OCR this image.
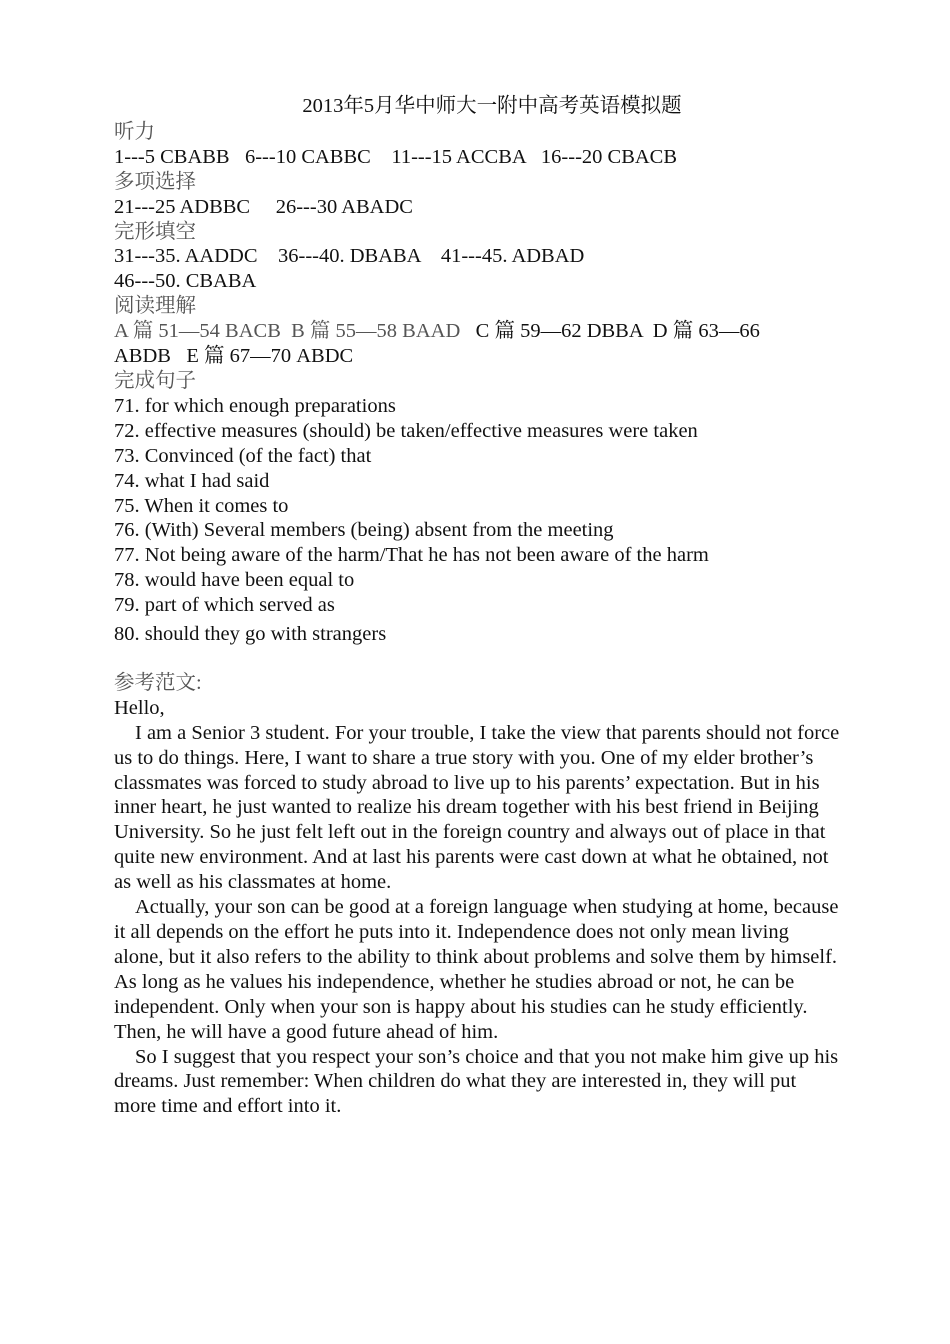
2013年5月华中师大一附中高考英语模拟题

听力

1---5 CBABB   6---10 CABBC    11---15 ACCBA   16---20 CBACB

多项选择

21---25 ADBBC     26---30 ABADC

完形填空

31---35. AADDC    36---40. DBABA    41---45. ADBAD

46---50. CBABA

阅读理解

A 篇 51—54 BACB  B 篇 55—58 BAAD   C 篇 59—62 DBBA  D 篇 63—66

ABDB   E 篇 67—70 ABDC

完成句子

71. for which enough preparations

72. effective measures (should) be taken/effective measures were taken

73. Convinced (of the fact) that

74. what I had said

75. When it comes to

76. (With) Several members (being) absent from the meeting

77. Not being aware of the harm/That he has not been aware of the harm

78. would have been equal to

79. part of which served as

80. should they go with strangers

参考范文:

Hello,

I am a Senior 3 student. For your trouble, I take the view that parents should not force us to do things. Here, I want to share a true story with you. One of my elder brother’s classmates was forced to study abroad to live up to his parents’ expectation. But in his inner heart, he just wanted to realize his dream together with his best friend in Beijing University. So he just felt left out in the foreign country and always out of place in that quite new environment. And at last his parents were cast down at what he obtained, not as well as his classmates at home.

Actually, your son can be good at a foreign language when studying at home, because it all depends on the effort he puts into it. Independence does not only mean living alone, but it also refers to the ability to think about problems and solve them by himself. As long as he values his independence, whether he studies abroad or not, he can be independent. Only when your son is happy about his studies can he study efficiently. Then, he will have a good future ahead of him.

So I suggest that you respect your son’s choice and that you not make him give up his dreams. Just remember: When children do what they are interested in, they will put more time and effort into it.
